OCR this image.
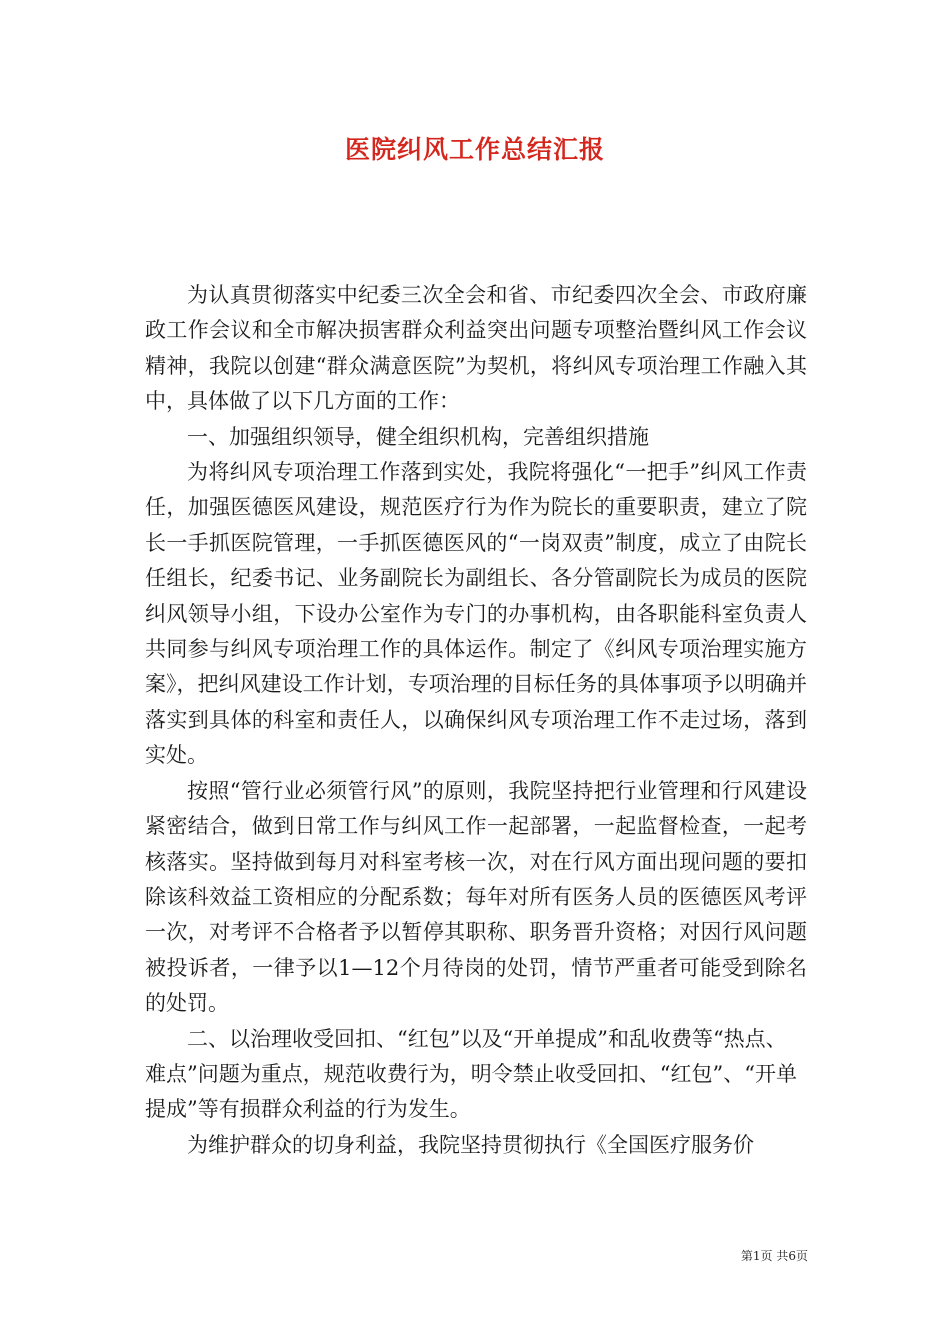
医院纠风工作总结汇报

为认真贯彻落实中纪委三次全会和省、市纪委四次全会、市政府廉政工作会议和全市解决损害群众利益突出问题专项整治暨纠风工作会议精神，我院以创建“群众满意医院”为契机，将纠风专项治理工作融入其中，具体做了以下几方面的工作：

一、加强组织领导，健全组织机构，完善组织措施

为将纠风专项治理工作落到实处，我院将强化“一把手”纠风工作责任，加强医德医风建设，规范医疗行为作为院长的重要职责，建立了院长一手抓医院管理，一手抓医德医风的“一岗双责”制度，成立了由院长任组长，纪委书记、业务副院长为副组长、各分管副院长为成员的医院纠风领导小组，下设办公室作为专门的办事机构，由各职能科室负责人共同参与纠风专项治理工作的具体运作。制定了《纠风专项治理实施方案》，把纠风建设工作计划，专项治理的目标任务的具体事项予以明确并落实到具体的科室和责任人，以确保纠风专项治理工作不走过场，落到实处。

按照“管行业必须管行风”的原则，我院坚持把行业管理和行风建设紧密结合，做到日常工作与纠风工作一起部署，一起监督检查，一起考核落实。坚持做到每月对科室考核一次，对在行风方面出现问题的要扣除该科效益工资相应的分配系数；每年对所有医务人员的医德医风考评一次，对考评不合格者予以暂停其职称、职务晋升资格；对因行风问题被投诉者，一律予以1—12个月待岗的处罚，情节严重者可能受到除名的处罚。

二、以治理收受回扣、“红包”以及“开单提成”和乱收费等“热点、难点”问题为重点，规范收费行为，明令禁止收受回扣、“红包”、“开单提成”等有损群众利益的行为发生。

为维护群众的切身利益，我院坚持贯彻执行《全国医疗服务价

第1页 共6页
